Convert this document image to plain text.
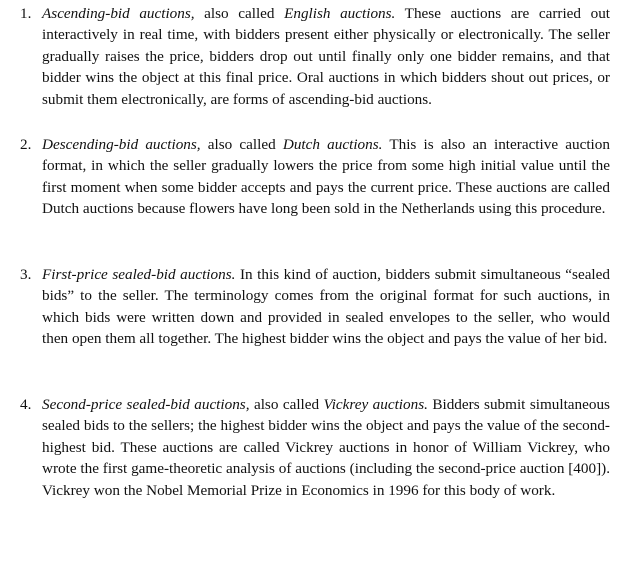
1. Ascending-bid auctions, also called English auctions. These auctions are carried out interactively in real time, with bidders present either physically or electronically. The seller gradually raises the price, bidders drop out until finally only one bidder remains, and that bidder wins the object at this final price. Oral auctions in which bidders shout out prices, or submit them electronically, are forms of ascending-bid auctions.
2. Descending-bid auctions, also called Dutch auctions. This is also an interactive auction format, in which the seller gradually lowers the price from some high initial value until the first moment when some bidder accepts and pays the current price. These auctions are called Dutch auctions because flowers have long been sold in the Netherlands using this procedure.
3. First-price sealed-bid auctions. In this kind of auction, bidders submit simultaneous “sealed bids” to the seller. The terminology comes from the original format for such auctions, in which bids were written down and provided in sealed envelopes to the seller, who would then open them all together. The highest bidder wins the object and pays the value of her bid.
4. Second-price sealed-bid auctions, also called Vickrey auctions. Bidders submit simultaneous sealed bids to the sellers; the highest bidder wins the object and pays the value of the second-highest bid. These auctions are called Vickrey auctions in honor of William Vickrey, who wrote the first game-theoretic analysis of auctions (including the second-price auction [400]). Vickrey won the Nobel Memorial Prize in Economics in 1996 for this body of work.
